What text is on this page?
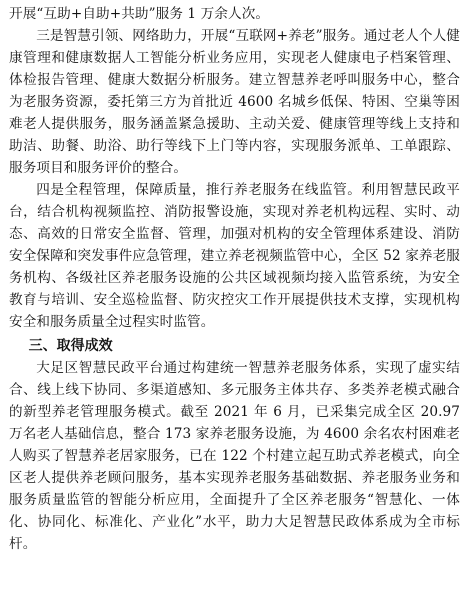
开展“互助+自助+共助”服务 1 万余人次。

三是智慧引领、网络助力，开展“互联网+养老”服务。通过老人个人健康管理和健康数据人工智能分析业务应用，实现老人健康电子档案管理、体检报告管理、健康大数据分析服务。建立智慧养老呼叫服务中心，整合为老服务资源，委托第三方为首批近 4600 名城乡低保、特困、空巢等困难老人提供服务，服务涵盖紧急援助、主动关爱、健康管理等线上支持和助洁、助餐、助浴、助行等线下上门等内容，实现服务派单、工单跟踪、服务项目和服务评价的整合。

四是全程管理，保障质量，推行养老服务在线监管。利用智慧民政平台，结合机构视频监控、消防报警设施，实现对养老机构远程、实时、动态、高效的日常安全监督、管理，加强对机构的安全管理体系建设、消防安全保障和突发事件应急管理，建立养老视频监管中心，全区 52 家养老服务机构、各级社区养老服务设施的公共区域视频均接入监管系统，为安全教育与培训、安全巡检监督、防灾控灾工作开展提供技术支撑，实现机构安全和服务质量全过程实时监管。

三、取得成效

大足区智慧民政平台通过构建统一智慧养老服务体系，实现了虚实结合、线上线下协同、多渠道感知、多元服务主体共存、多类养老模式融合的新型养老管理服务模式。截至 2021 年 6 月，已采集完成全区 20.97 万名老人基础信息，整合 173 家养老服务设施，为 4600 余名农村困难老人购买了智慧养老居家服务，已在 122 个村建立起互助式养老模式，向全区老人提供养老顾问服务，基本实现养老服务基础数据、养老服务业务和服务质量监管的智能分析应用，全面提升了全区养老服务“智慧化、一体化、协同化、标准化、产业化”水平，助力大足智慧民政体系成为全市标杆。
